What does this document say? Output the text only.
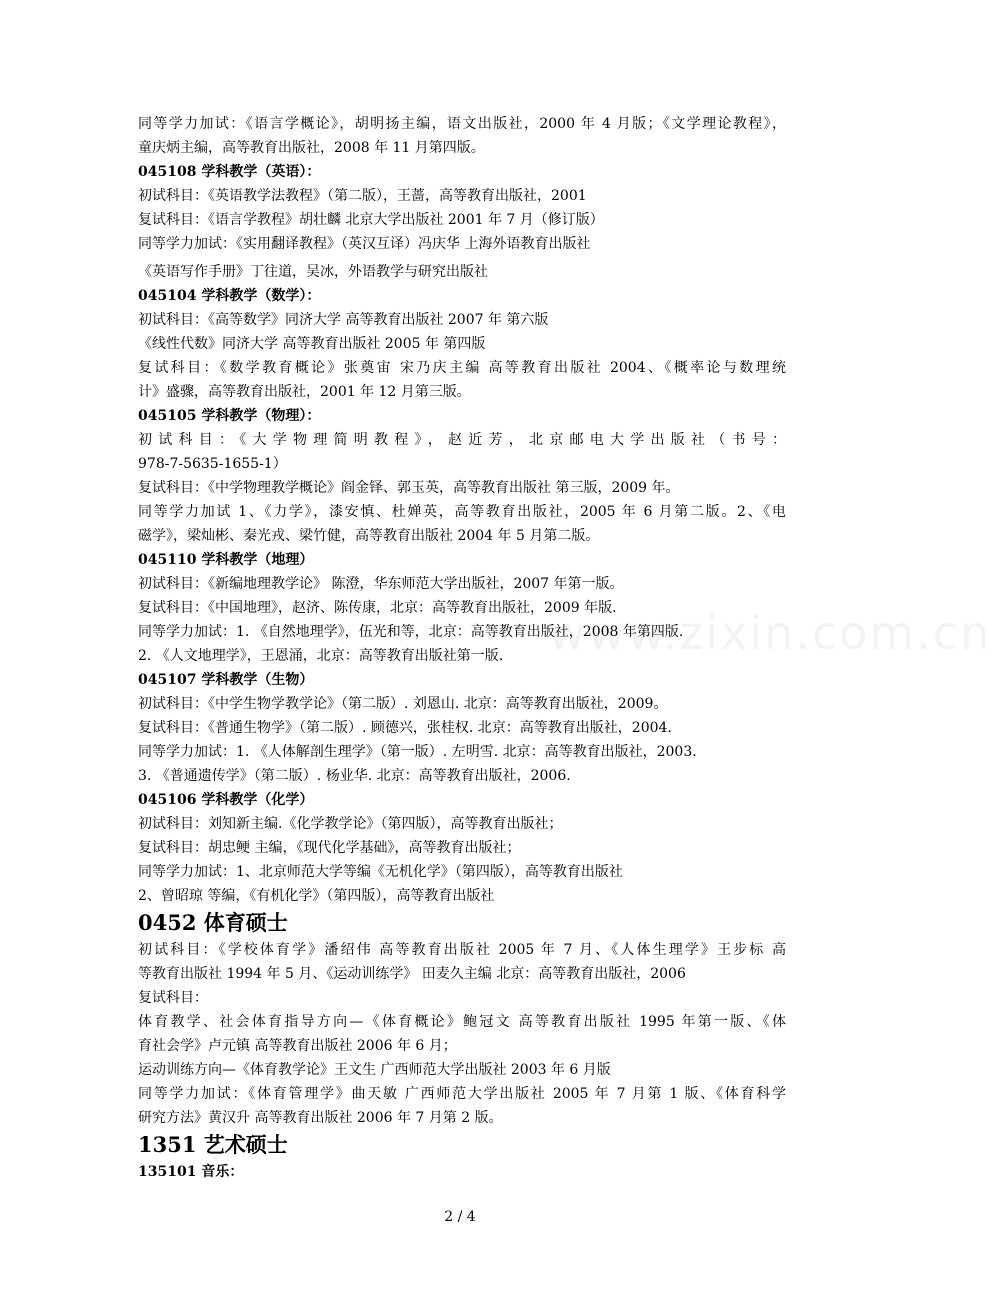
www.zixin.com.cn
同等学力加试：《语言学概论》，胡明扬主编，语文出版社，2000 年 4 月版；《文学理论教程》，
童庆炳主编，高等教育出版社，2008 年 11 月第四版。
045108 学科教学（英语）：
初试科目：《英语教学法教程》（第二版），王蔷，高等教育出版社，2001
复试科目：《语言学教程》胡壮麟 北京大学出版社 2001 年 7 月（修订版）
同等学力加试：《实用翻译教程》（英汉互译）冯庆华 上海外语教育出版社
《英语写作手册》丁往道，吴冰，外语教学与研究出版社
045104 学科教学（数学）：
初试科目：《高等数学》同济大学 高等教育出版社 2007 年 第六版
《线性代数》同济大学 高等教育出版社 2005 年 第四版
复试科目：《数学教育概论》张奠宙 宋乃庆主编 高等教育出版社 2004、《概率论与数理统
计》盛骤，高等教育出版社，2001 年 12 月第三版。
045105 学科教学（物理）：
初试科目：《大学物理简明教程》，赵近芳，北京邮电大学出版社（书号：
978-7-5635-1655-1）
复试科目：《中学物理教学概论》阎金铎、郭玉英，高等教育出版社 第三版，2009 年。
同等学力加试 1、《力学》，漆安慎、杜婵英，高等教育出版社，2005 年 6 月第二版。2、《电
磁学》，梁灿彬、秦光戎、梁竹健，高等教育出版社 2004 年 5 月第二版。
045110 学科教学（地理）
初试科目：《新编地理教学论》 陈澄，华东师范大学出版社，2007 年第一版。
复试科目：《中国地理》，赵济、陈传康，北京：高等教育出版社，2009 年版.
同等学力加试：1. 《自然地理学》，伍光和等，北京：高等教育出版社，2008 年第四版.
2. 《人文地理学》，王恩涌，北京：高等教育出版社第一版.
045107 学科教学（生物）
初试科目：《中学生物学教学论》（第二版）. 刘恩山. 北京：高等教育出版社，2009。
复试科目：《普通生物学》（第二版）. 顾德兴，张桂权. 北京：高等教育出版社，2004.
同等学力加试：1. 《人体解剖生理学》（第一版）. 左明雪. 北京：高等教育出版社，2003.
3. 《普通遗传学》（第二版）. 杨业华. 北京：高等教育出版社，2006.
045106 学科教学（化学）
初试科目：刘知新主编.《化学教学论》（第四版），高等教育出版社；
复试科目：胡忠鲠 主编，《现代化学基础》，高等教育出版社；
同等学力加试：1、北京师范大学等编《无机化学》（第四版），高等教育出版社
2、曾昭琼 等编，《有机化学》（第四版），高等教育出版社
0452 体育硕士
初试科目：《学校体育学》潘绍伟 高等教育出版社 2005 年 7 月、《人体生理学》王步标 高
等教育出版社 1994 年 5 月、《运动训练学》 田麦久主编 北京：高等教育出版社，2006
复试科目：
体育教学、社会体育指导方向—《体育概论》鲍冠文 高等教育出版社 1995 年第一版、《体
育社会学》卢元镇 高等教育出版社 2006 年 6 月；
运动训练方向—《体育教学论》王文生 广西师范大学出版社 2003 年 6 月版
同等学力加试：《体育管理学》曲天敏 广西师范大学出版社 2005 年 7 月第 1 版、《体育科学
研究方法》黄汉升 高等教育出版社 2006 年 7 月第 2 版。
1351 艺术硕士
135101 音乐：
2 / 4
